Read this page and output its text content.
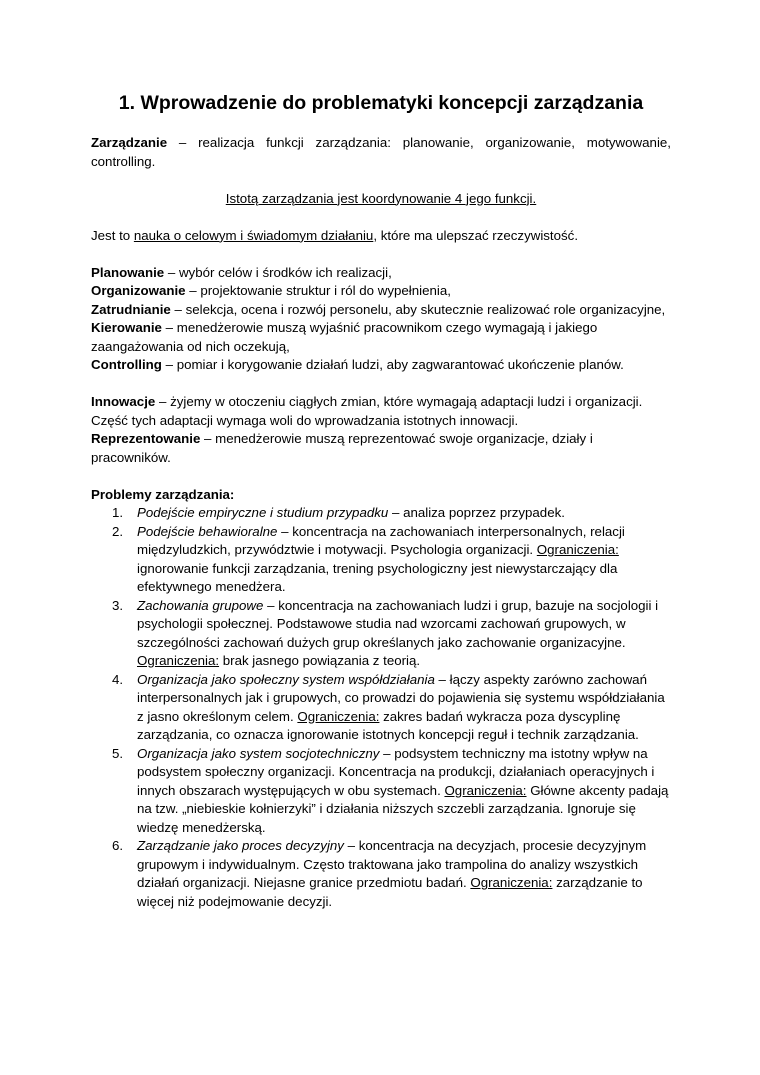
1. Wprowadzenie do problematyki koncepcji zarządzania

Zarządzanie – realizacja funkcji zarządzania: planowanie, organizowanie, motywowanie, controlling.

Istotą zarządzania jest koordynowanie 4 jego funkcji.

Jest to nauka o celowym i świadomym działaniu, które ma ulepszać rzeczywistość.

Planowanie – wybór celów i środków ich realizacji,

Organizowanie – projektowanie struktur i ról do wypełnienia,

Zatrudnianie – selekcja, ocena i rozwój personelu, aby skutecznie realizować role organizacyjne,

Kierowanie – menedżerowie muszą wyjaśnić pracownikom czego wymagają i jakiego zaangażowania od nich oczekują,

Controlling – pomiar i korygowanie działań ludzi, aby zagwarantować ukończenie planów.

Innowacje – żyjemy w otoczeniu ciągłych zmian, które wymagają adaptacji ludzi i organizacji. Część tych adaptacji wymaga woli do wprowadzania istotnych innowacji.

Reprezentowanie – menedżerowie muszą reprezentować swoje organizacje, działy i pracowników.

Problemy zarządzania:

1. Podejście empiryczne i studium przypadku – analiza poprzez przypadek.
2. Podejście behawioralne – koncentracja na zachowaniach interpersonalnych, relacji międzyludzkich, przywództwie i motywacji. Psychologia organizacji. Ograniczenia: ignorowanie funkcji zarządzania, trening psychologiczny jest niewystarczający dla efektywnego menedżera.
3. Zachowania grupowe – koncentracja na zachowaniach ludzi i grup, bazuje na socjologii i psychologii społecznej. Podstawowe studia nad wzorcami zachowań grupowych, w szczególności zachowań dużych grup określanych jako zachowanie organizacyjne. Ograniczenia: brak jasnego powiązania z teorią.
4. Organizacja jako społeczny system współdziałania – łączy aspekty zarówno zachowań interpersonalnych jak i grupowych, co prowadzi do pojawienia się systemu współdziałania z jasno określonym celem. Ograniczenia: zakres badań wykracza poza dyscyplinę zarządzania, co oznacza ignorowanie istotnych koncepcji reguł i technik zarządzania.
5. Organizacja jako system socjotechniczny – podsystem techniczny ma istotny wpływ na podsystem społeczny organizacji. Koncentracja na produkcji, działaniach operacyjnych i innych obszarach występujących w obu systemach. Ograniczenia: Główne akcenty padają na tzw. „niebieskie kołnierzyki” i działania niższych szczebli zarządzania. Ignoruje się wiedzę menedżerską.
6. Zarządzanie jako proces decyzyjny – koncentracja na decyzjach, procesie decyzyjnym grupowym i indywidualnym. Często traktowana jako trampolina do analizy wszystkich działań organizacji. Niejasne granice przedmiotu badań. Ograniczenia: zarządzanie to więcej niż podejmowanie decyzji.
